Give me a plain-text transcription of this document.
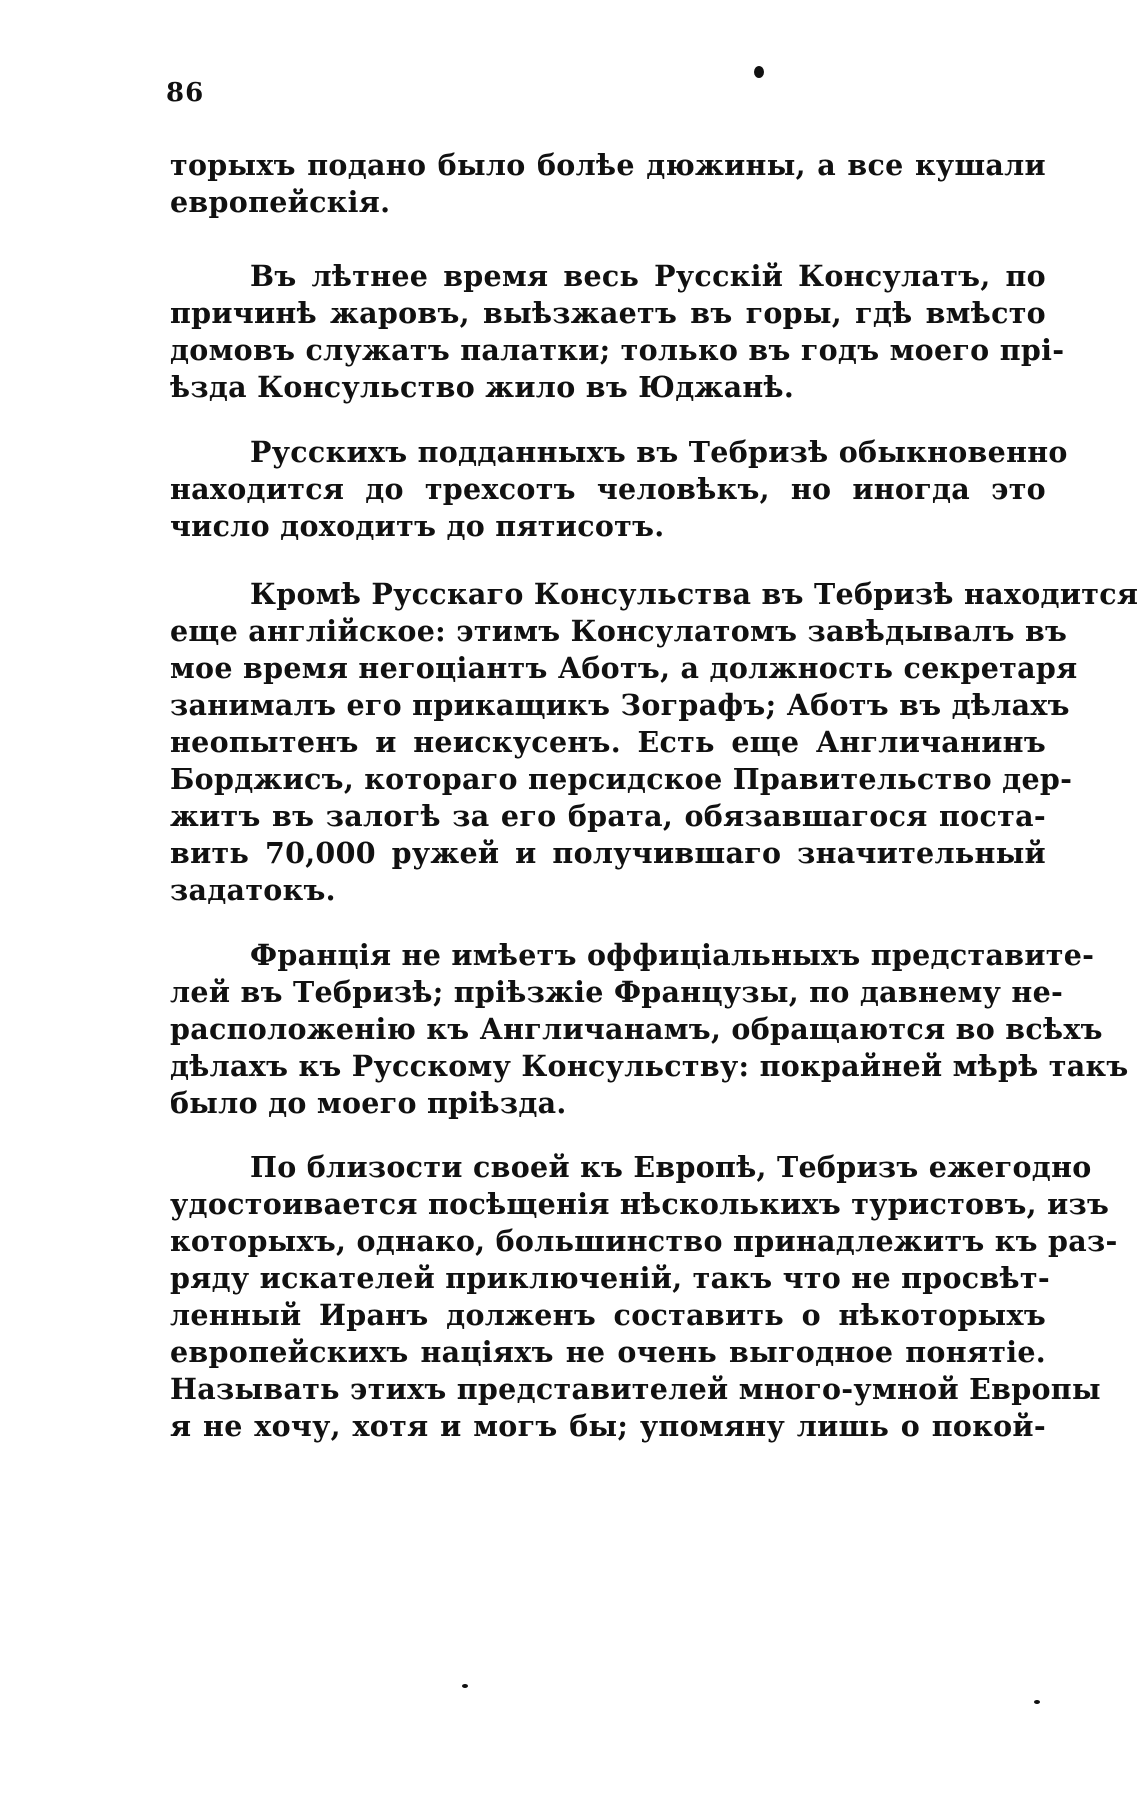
86
торыхъ подано было болѣе дюжины, а все кушали
европейскія.
Въ лѣтнее время весь Русскій Консулатъ, по
причинѣ жаровъ, выѣзжаетъ въ горы, гдѣ вмѣсто
домовъ служатъ палатки; только въ годъ моего прі-
ѣзда Консульство жило въ Юджанѣ.
Русскихъ подданныхъ въ Тебризѣ обыкновенно
находится до трехсотъ человѣкъ, но иногда это
число доходитъ до пятисотъ.
Кромѣ Русскаго Консульства въ Тебризѣ находится
еще англійское: этимъ Консулатомъ завѣдывалъ въ
мое время негоціантъ Аботъ, а должность секретаря
занималъ его прикащикъ Зографъ; Аботъ въ дѣлахъ
неопытенъ и неискусенъ. Есть еще Англичанинъ
Борджисъ, котораго персидское Правительство дер-
житъ въ залогѣ за его брата, обязавшагося поста-
вить 70,000 ружей и получившаго значительный
задатокъ.
Франція не имѣетъ оффиціальныхъ представите-
лей въ Тебризѣ; пріѣзжіе Французы, по давнему не-
расположенію къ Англичанамъ, обращаются во всѣхъ
дѣлахъ къ Русскому Консульству: покрайней мѣрѣ такъ
было до моего пріѣзда.
По близости своей къ Европѣ, Тебризъ ежегодно
удостоивается посѣщенія нѣсколькихъ туристовъ, изъ
которыхъ, однако, большинство принадлежитъ къ раз-
ряду искателей приключеній, такъ что не просвѣт-
ленный Иранъ долженъ составить о нѣкоторыхъ
европейскихъ націяхъ не очень выгодное понятіе.
Называть этихъ представителей много-умной Европы
я не хочу, хотя и могъ бы; упомяну лишь о покой-
